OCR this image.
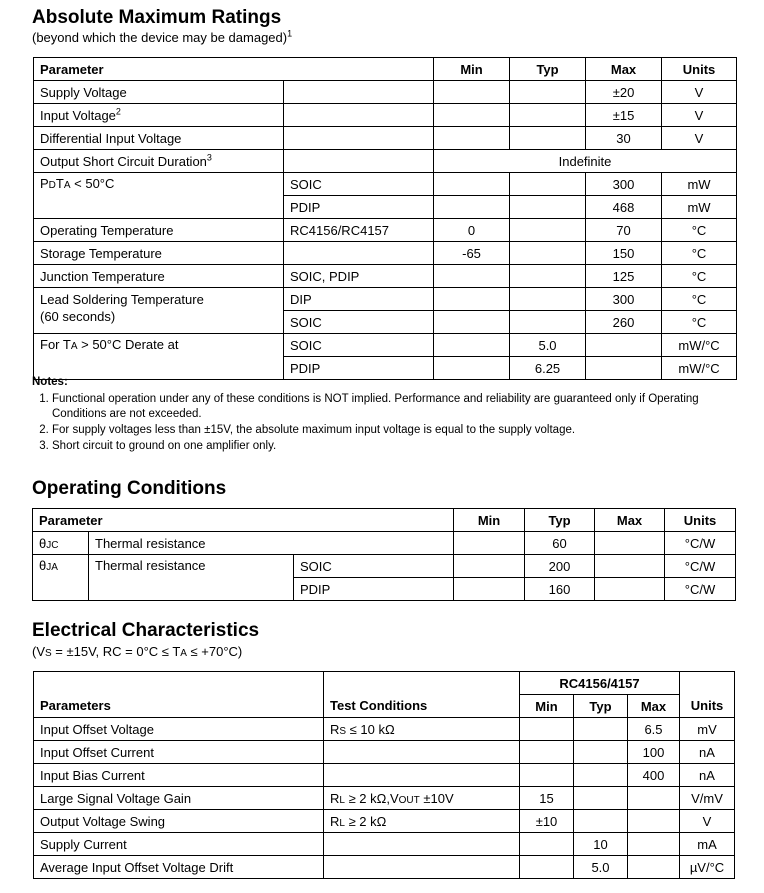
Absolute Maximum Ratings
(beyond which the device may be damaged)$^1$
Parameter		Min	Typ	Max	Units
Supply Voltage				±20	V
Input Voltage$^2$				±15	V
Differential Input Voltage				30	V
Output Short Circuit Duration$^3$		Indefinite			
PDTA < 50°C	SOIC			300	mW
	PDIP			468	mW
Operating Temperature	RC4156/RC4157	0		70	°C
Storage Temperature		-65		150	°C
Junction Temperature	SOIC, PDIP			125	°C

Lead Soldering Temperature
(60 seconds)	DIP			300	°C
	SOIC			260	°C
For TA > 50°C Derate at	SOIC		5.0		mW/°C
	PDIP		6.25		mW/°C
Notes:
1. Functional operation under any of these conditions is NOT implied. Performance and reliability are guaranteed only if Operating Conditions are not exceeded.
2. For supply voltages less than ±15V, the absolute maximum input voltage is equal to the supply voltage.
3. Short circuit to ground on one amplifier only.
Operating Conditions
Parameter			Min	Typ	Max	Units
θJC	Thermal resistance			60		°C/W
θJA	Thermal resistance	SOIC		200		°C/W
		PDIP		160		°C/W
Electrical Characteristics
(VS = ±15V, RC = 0°C ≤ TA ≤ +70°C)
		RC4156/4157			
Parameters	Test Conditions	Min	Typ	Max	Units
Input Offset Voltage	RS ≤ 10 kΩ			6.5	mV
Input Offset Current				100	nA
Input Bias Current				400	nA
Large Signal Voltage Gain	RL ≥ 2 kΩ,VOUT ±10V	15			V/mV
Output Voltage Swing	RL ≥ 2 kΩ	±10			V
Supply Current			10		mA
Average Input Offset Voltage Drift			5.0		µV/°C
